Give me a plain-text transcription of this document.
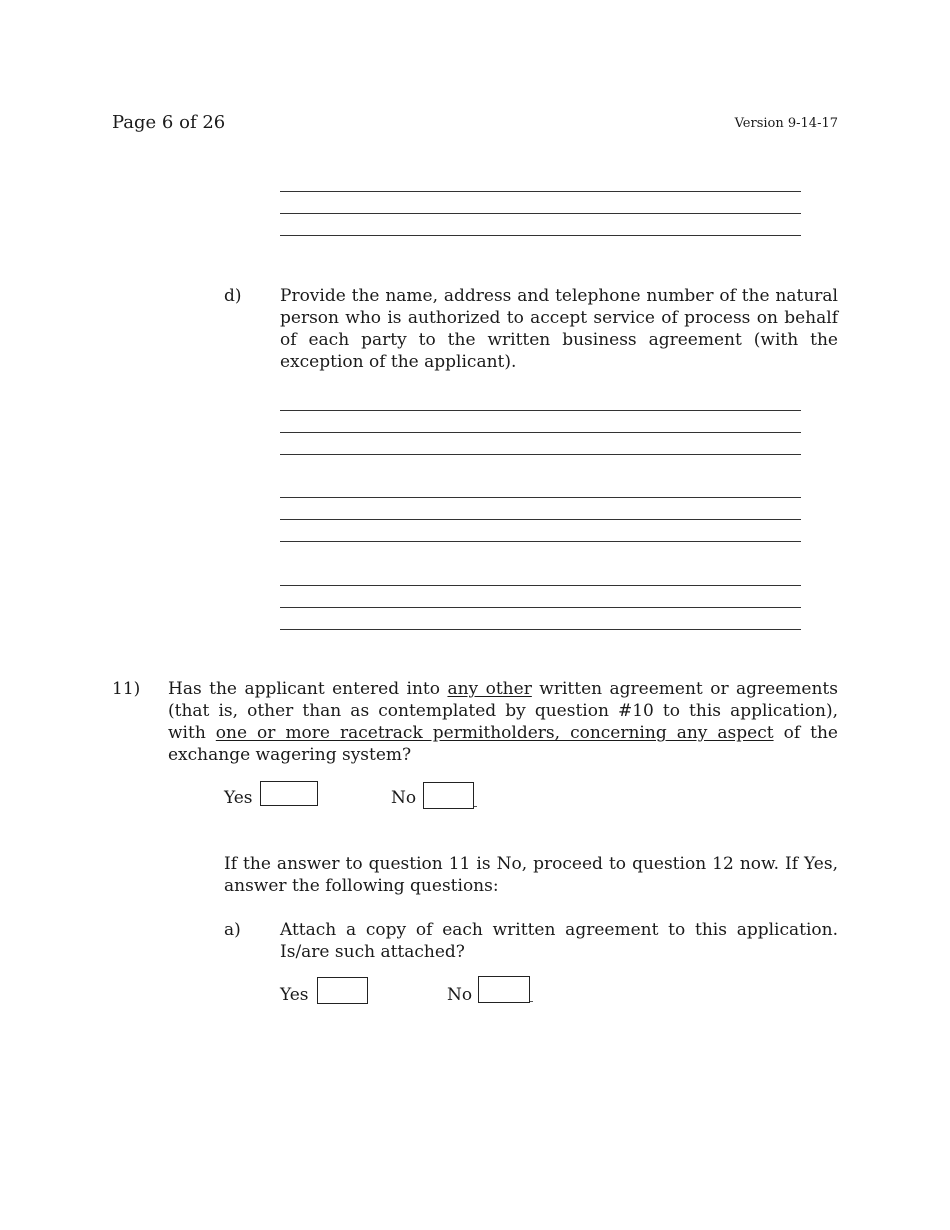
Page 6 of 26	Version 9-14-17
d) Provide the name, address and telephone number of the natural person who is authorized to accept service of process on behalf of each party to the written business agreement (with the exception of the applicant).
11) Has the applicant entered into any other written agreement or agreements (that is, other than as contemplated by question #10 to this application), with one or more racetrack permitholders, concerning any aspect of the exchange wagering system?
Yes	No
If the answer to question 11 is No, proceed to question 12 now. If Yes, answer the following questions:
a) Attach a copy of each written agreement to this application. Is/are such attached?
Yes	No
